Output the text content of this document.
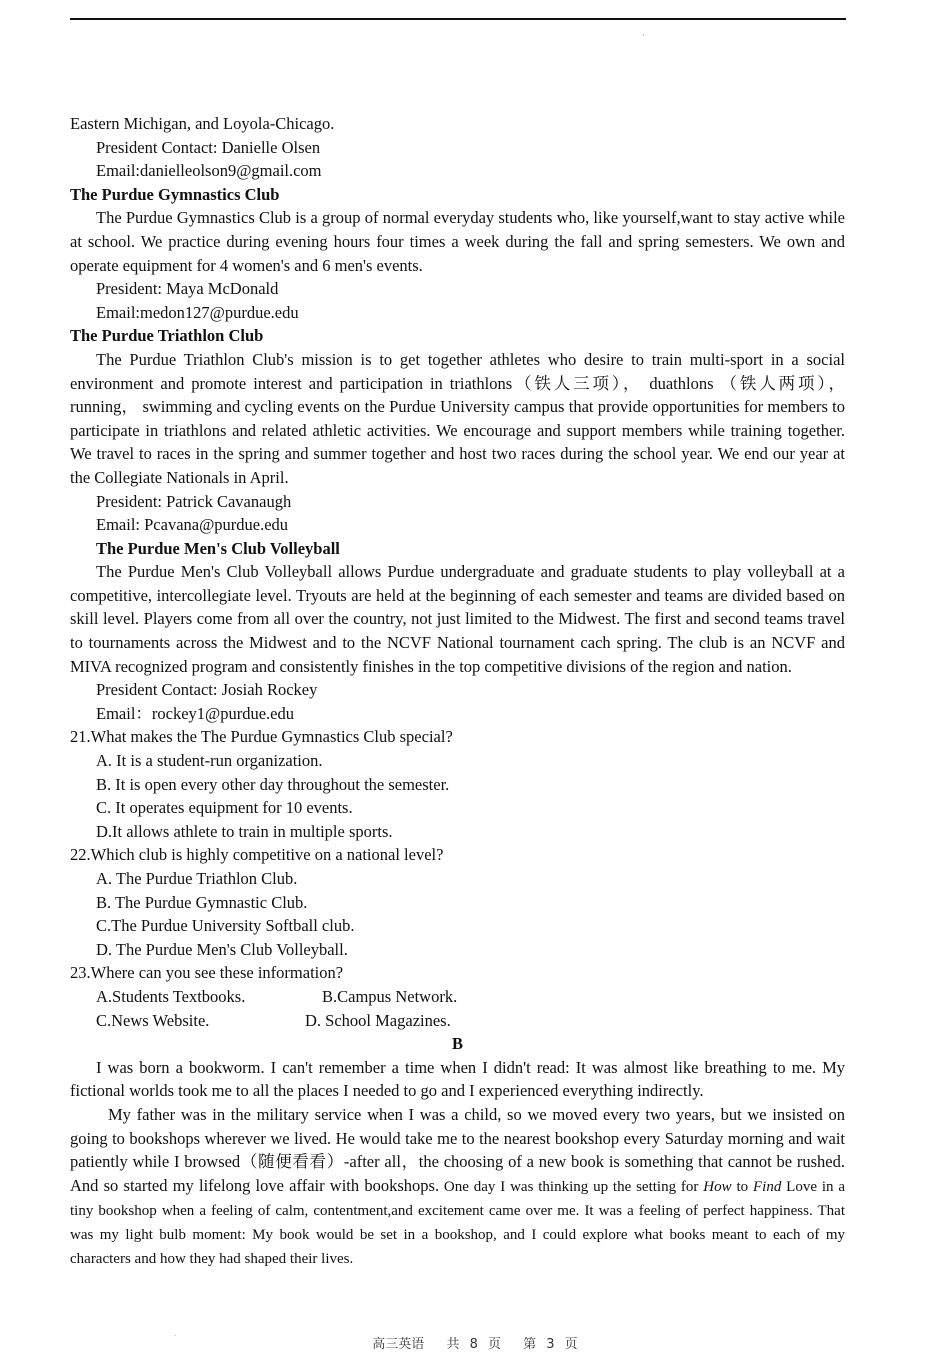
Eastern Michigan, and Loyola-Chicago.

President Contact: Danielle Olsen

Email:danielleolson9@gmail.com

The Purdue Gymnastics Club

The Purdue Gymnastics Club is a group of normal everyday students who, like yourself,want to stay active while at school. We practice during evening hours four times a week during the fall and spring semesters. We own and operate equipment for 4 women's and 6 men's events.

President: Maya McDonald

Email:medon127@purdue.edu

The Purdue Triathlon Club

The Purdue Triathlon Club's mission is to get together athletes who desire to train multi-sport in a social environment and promote interest and participation in triathlons（铁人三项）， duathlons （铁人两项）， running， swimming and cycling events on the Purdue University campus that provide opportunities for members to participate in triathlons and related athletic activities. We encourage and support members while training together. We travel to races in the spring and summer together and host two races during the school year. We end our year at the Collegiate Nationals in April.

President: Patrick Cavanaugh

Email: Pcavana@purdue.edu

The Purdue Men's Club Volleyball

The Purdue Men's Club Volleyball allows Purdue undergraduate and graduate students to play volleyball at a competitive, intercollegiate level. Tryouts are held at the beginning of each semester and teams are divided based on skill level. Players come from all over the country, not just limited to the Midwest. The first and second teams travel to tournaments across the Midwest and to the NCVF National tournament cach spring. The club is an NCVF and MIVA recognized program and consistently finishes in the top competitive divisions of the region and nation.

President Contact: Josiah Rockey

Email：rockey1@purdue.edu

21.What makes the The Purdue Gymnastics Club special?

A. It is a student-run organization.

B. It is open every other day throughout the semester.

C. It operates equipment for 10 events.

D.It allows athlete to train in multiple sports.

22.Which club is highly competitive on a national level?

A. The Purdue Triathlon Club.

B. The Purdue Gymnastic Club.

C.The Purdue University Softball club.

D. The Purdue Men's Club Volleyball.

23.Where can you see these information?

A.Students Textbooks.	B.Campus Network.
C.News Website.	D. School Magazines.

B

I was born a bookworm. I can't remember a time when I didn't read: It was almost like breathing to me. My fictional worlds took me to all the places I needed to go and I experienced everything indirectly.

My father was in the military service when I was a child, so we moved every two years, but we insisted on going to bookshops wherever we lived. He would take me to the nearest bookshop every Saturday morning and wait patiently while I browsed（随便看看）-after all，the choosing of a new book is something that cannot be rushed. And so started my lifelong love affair with bookshops. One day I was thinking up the setting for How to Find Love in a tiny bookshop when a feeling of calm, contentment,and excitement came over me. It was a feeling of perfect happiness. That was my light bulb moment: My book would be set in a bookshop, and I could explore what books meant to each of my characters and how they had shaped their lives.

高三英语 共 8 页 第 3 页
